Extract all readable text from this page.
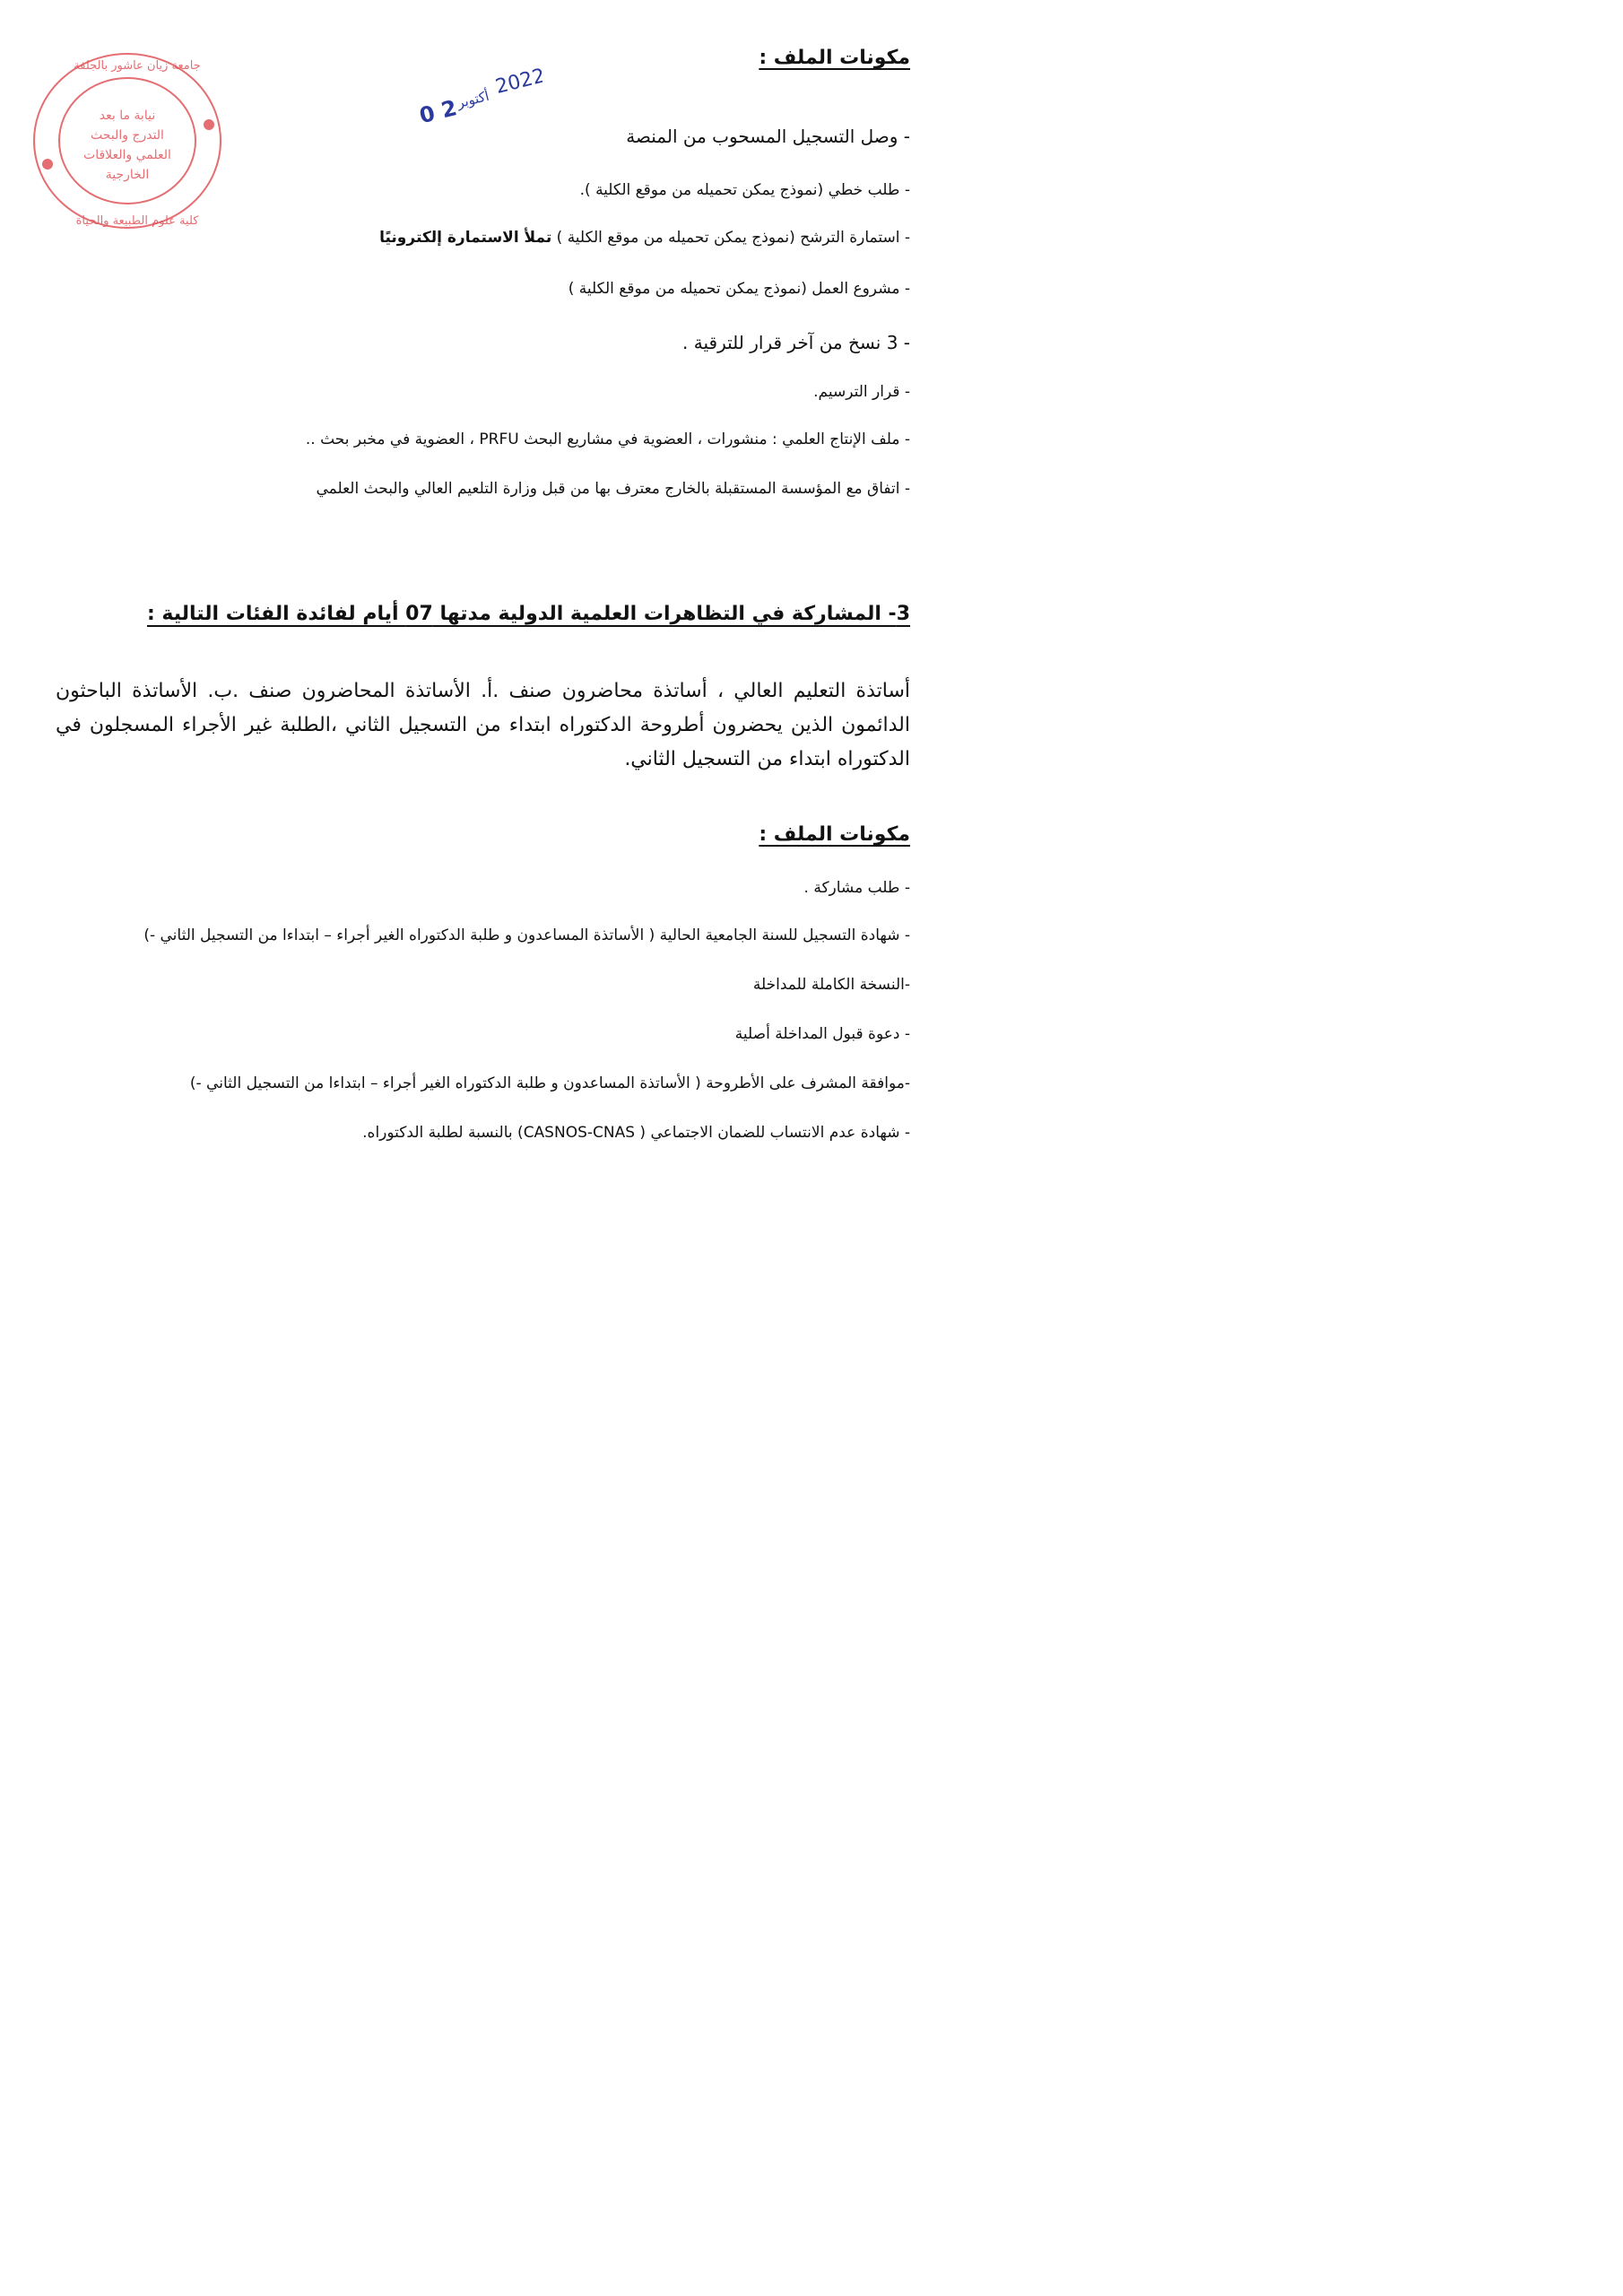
نيابة ما بعد
التدرج والبحث
العلمي والعلاقات
الخارجية
جامعة زيان عاشور بالجلفة
كلية علوم الطبيعة والحياة
0 2
أكتوبر
2022
مكونات الملف :
- وصل التسجيل المسحوب من المنصة
- طلب خطي (نموذج يمكن تحميله من موقع الكلية ).
- استمارة الترشح (نموذج يمكن تحميله من موقع الكلية ) تملأ الاستمارة إلكترونيًا
- مشروع العمل (نموذج يمكن تحميله من موقع الكلية )
- 3 نسخ من آخر قرار للترقية .
- قرار الترسيم.
- ملف الإنتاج العلمي : منشورات ، العضوية في مشاريع البحث PRFU ، العضوية في مخبر بحث ..
- اتفاق مع المؤسسة المستقبلة بالخارج معترف بها من قبل وزارة التلعيم العالي والبحث العلمي
3- المشاركة في التظاهرات العلمية الدولية مدتها 07 أيام لفائدة الفئات التالية :
أساتذة التعليم العالي ، أساتذة محاضرون صنف .أ. الأساتذة المحاضرون صنف .ب. الأساتذة الباحثون الدائمون الذين يحضرون أطروحة الدكتوراه ابتداء من التسجيل الثاني ،الطلبة غير الأجراء المسجلون في الدكتوراه ابتداء من التسجيل الثاني.
مكونات الملف :
- طلب مشاركة .
- شهادة التسجيل للسنة الجامعية الحالية ( الأساتذة المساعدون و طلبة الدكتوراه الغير أجراء – ابتداءا من التسجيل الثاني -)
-النسخة الكاملة للمداخلة
- دعوة قبول المداخلة أصلية
-موافقة المشرف على الأطروحة ( الأساتذة المساعدون و طلبة الدكتوراه الغير أجراء – ابتداءا من التسجيل الثاني -)
- شهادة عدم الانتساب للضمان الاجتماعي ( CASNOS-CNAS) بالنسبة لطلبة الدكتوراه.
